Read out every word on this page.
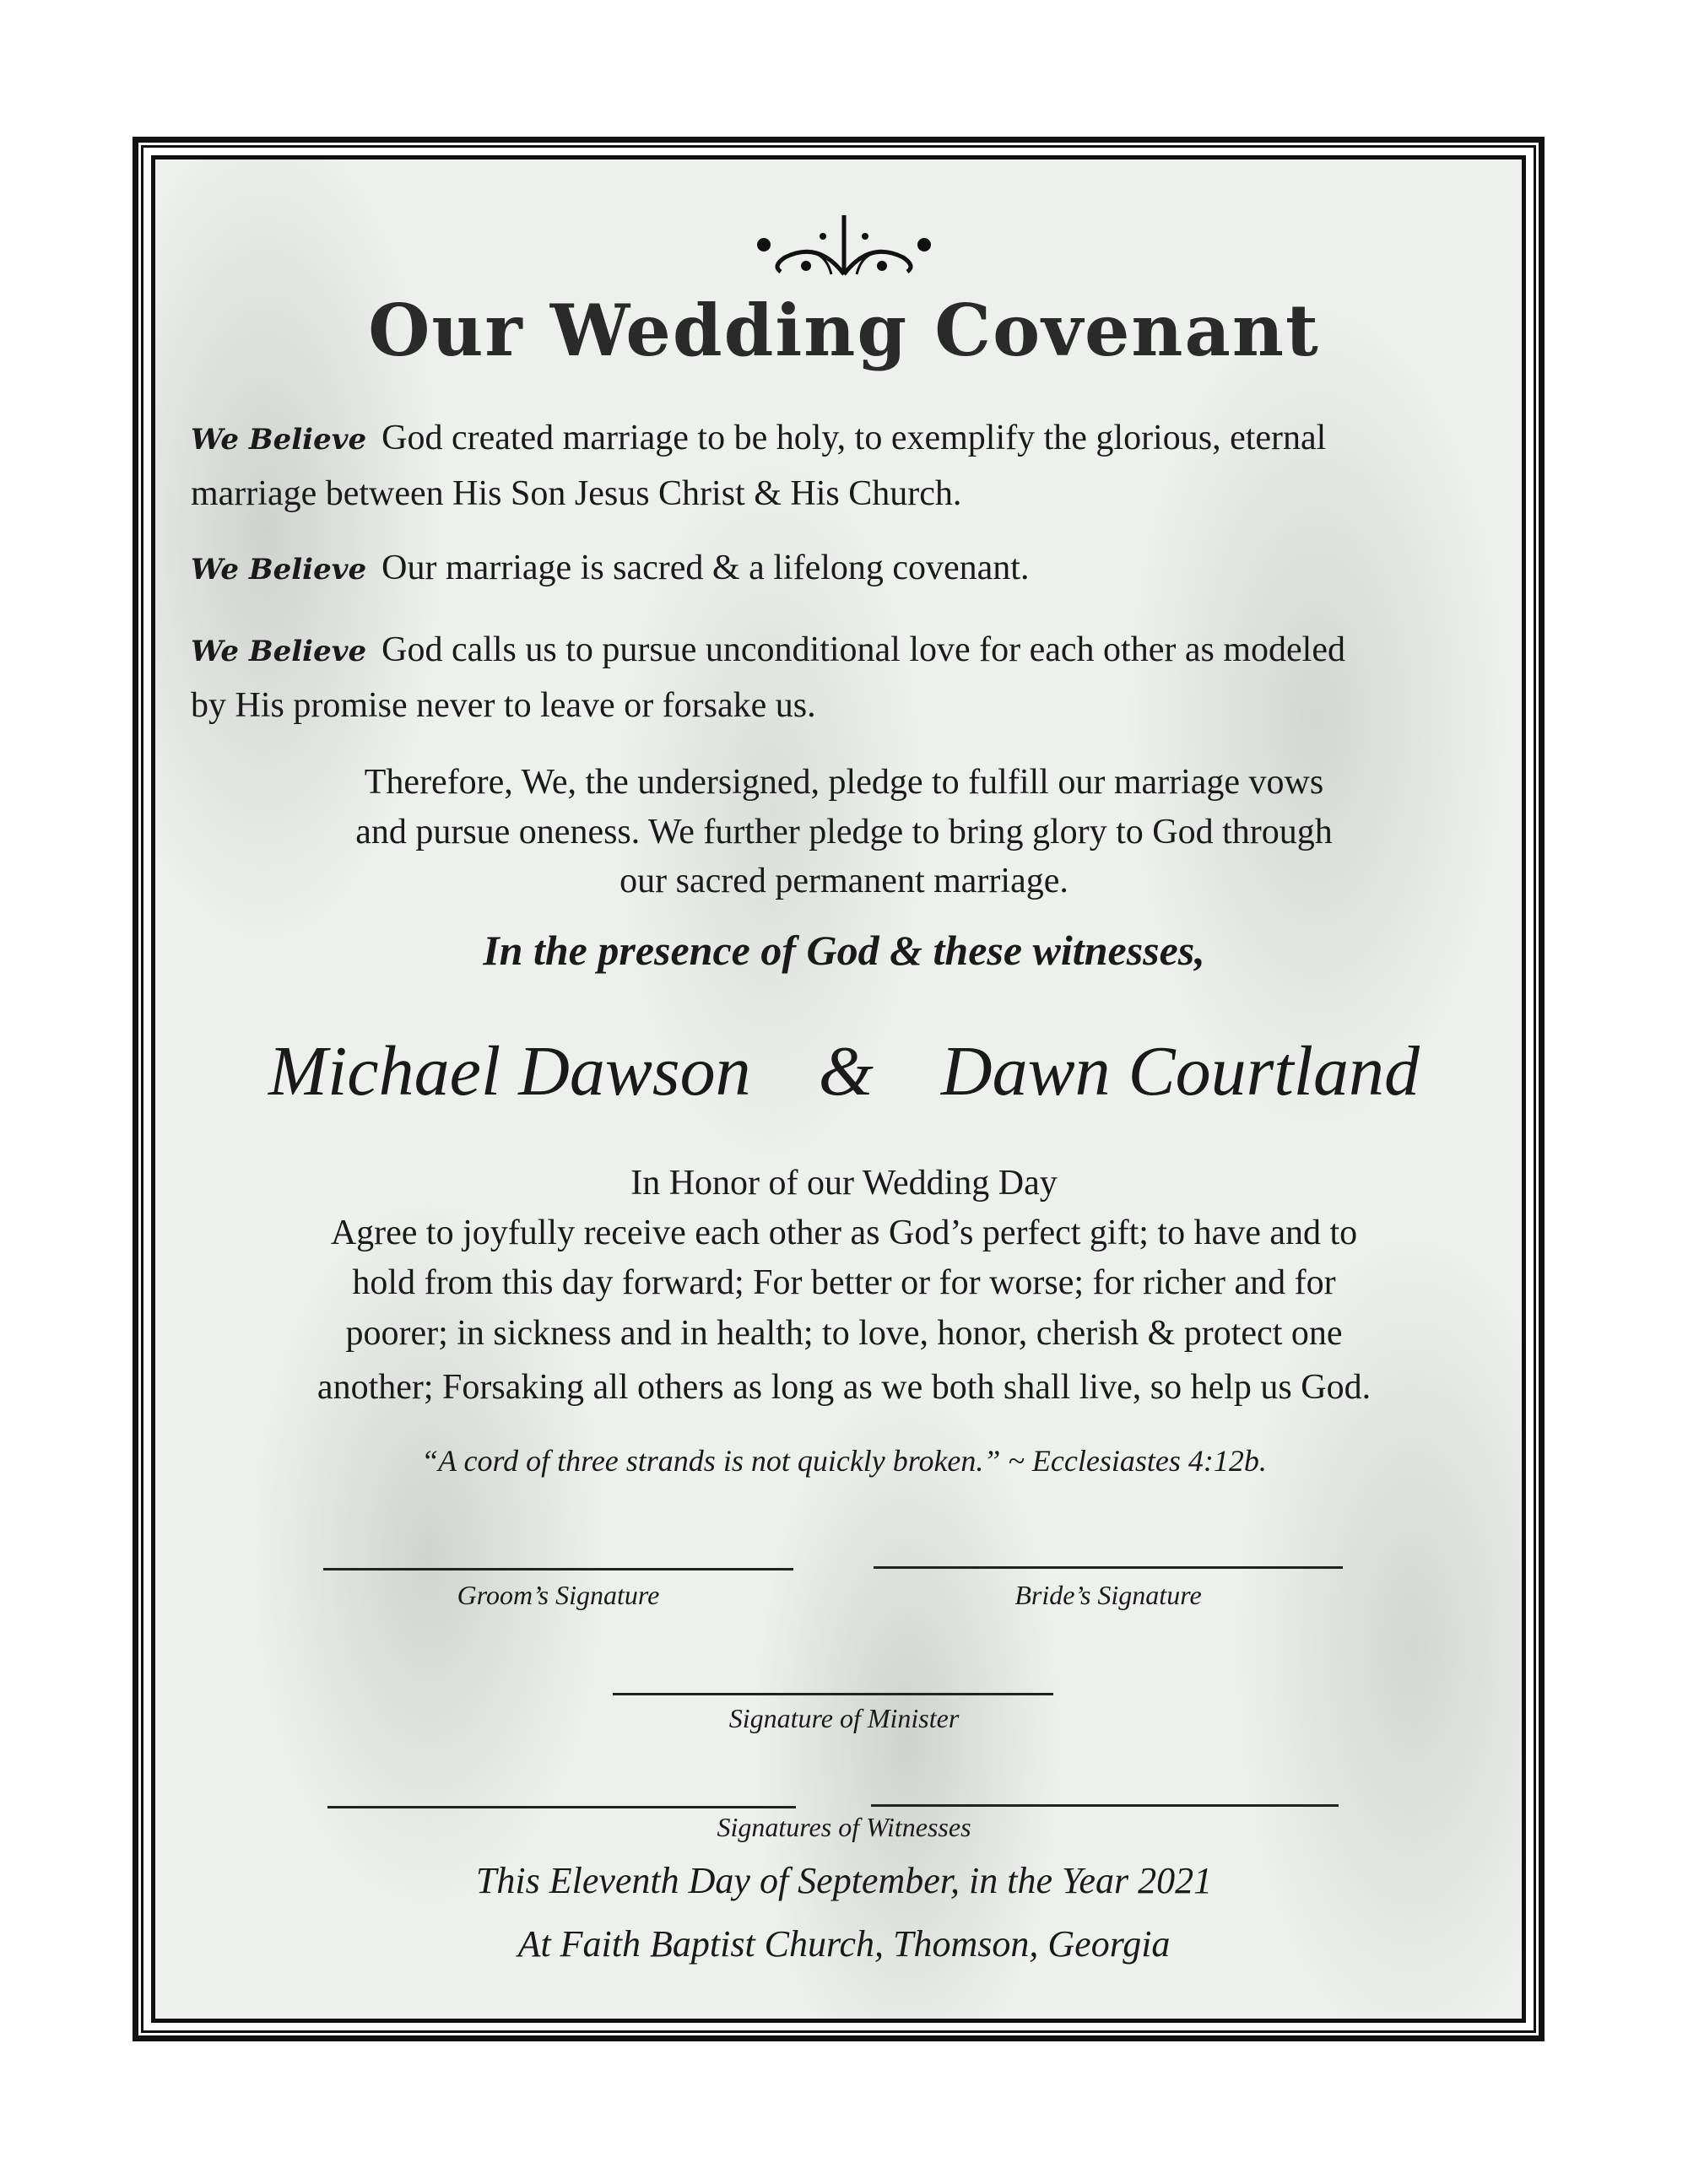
Our Wedding Covenant
We Believe God created marriage to be holy, to exemplify the glorious, eternal
marriage between His Son Jesus Christ & His Church.
We Believe Our marriage is sacred & a lifelong covenant.
We Believe God calls us to pursue unconditional love for each other as modeled
by His promise never to leave or forsake us.
Therefore, We, the undersigned, pledge to fulfill our marriage vows
and pursue oneness. We further pledge to bring glory to God through
our sacred permanent marriage.
In the presence of God & these witnesses,
Michael Dawson & Dawn Courtland
In Honor of our Wedding Day
Agree to joyfully receive each other as God’s perfect gift; to have and to
hold from this day forward; For better or for worse; for richer and for
poorer; in sickness and in health; to love, honor, cherish & protect one
another; Forsaking all others as long as we both shall live, so help us God.
“A cord of three strands is not quickly broken.” ~ Ecclesiastes 4:12b.
Groom’s Signature	Bride’s Signature
Signature of Minister
Signatures of Witnesses
This Eleventh Day of September, in the Year 2021
At Faith Baptist Church, Thomson, Georgia
